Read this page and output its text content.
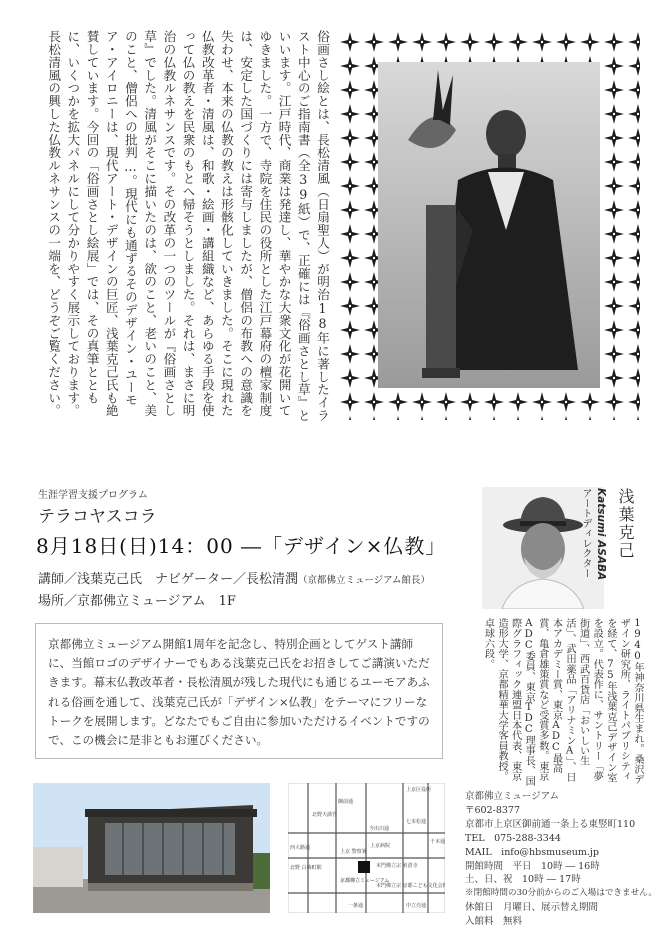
俗画さし絵とは、長松清風（日扇聖人）が明治18年に著したイラスト中心のご指南書（全39紙）で、正確には『俗画さとし草』といいます。江戸時代、商業は発達し、華やかな大衆文化が花開いてゆきました。一方で、寺院を住民の役所とした江戸幕府の檀家制度は、安定した国づくりには寄与しましたが、僧侶の布教への意識を失わせ、本来の仏教の教えは形骸化していきました。そこに現れた仏教改革者・清風は、和歌・絵画・講組織など、あらゆる手段を使って仏の教えを民衆のもとへ帰そうとしました。それは、まさに明治の仏教ルネサンスです。その改革の一つのツールが『俗画さとし草』でした。清風がそこに描いたのは、欲のこと、老いのこと、美のこと、僧侶への批判…。現代にも通ずるそのデザイン・ユーモア・アイロニーは、現代アート・デザインの巨匠、浅葉克己氏も絶賛しています。今回の「俗画さとし絵展」では、その真筆とともに、いくつかを拡大パネルにして分かりやすく展示しております。長松清風の興した仏教ルネサンスの一端を、どうぞご覧ください。
生涯学習支援プログラム
テラコヤスコラ
8月18日(日)14：00 ―「デザイン×仏教」
講師／浅葉克己氏　ナビゲーター／長松清潤（京都佛立ミュージアム館長）
場所／京都佛立ミュージアム　1F
浅葉克己
Katsumi ASABA
アートディレクター
1940年神奈川県生まれ。桑沢デザイン研究所、ライトパブリシティを経て、75年浅葉克己デザイン室を設立。代表作に、サントリー「夢街道」、西武百貨店「おいしい生活」、武田薬品「アリナミンA」、日本アカデミー賞、東京ADC最高賞、亀倉雄策賞など受賞多数。東京ADC委員、東京TDC理事長、国際グラフィック連盟日本代表、東京造形大学、京都精華大学客員教授。卓球六段。
京都佛立ミュージアム開館1周年を記念し、特別企画としてゲスト講師に、当館ロゴのデザイナーでもある浅葉克己氏をお招きしてご講演いただきます。幕末仏教改革者・長松清風が残した現代にも通じるユーモアあふれる俗画を通して、浅葉克己氏が「デザイン×仏教」をテーマにフリーなトークを展開します。どなたでもご自由に参加いただけるイベントですので、この機会に是非ともお運びください。
北野天満宮
御前通
今出川通
上京区役所
七本松通
西大路通
北野 白梅町駅
千本通
京都佛立ミュージアム
一条通
本門佛立宗 宥清寺
中立売通
上京病院
上京 警察署
本門佛立宗 京都こども文化会館
京都佛立ミュージアム
〒602-8377
京都市上京区御前通一条上る東竪町110
TEL　075-288-3344
MAIL　info@hbsmuseum.jp
開館時間　平日　10時 ― 16時
土、日、祝　10時 ― 17時
※閉館時間の30分前からのご入場はできません。
休館日　月曜日、展示替え期間
入館料　無料
